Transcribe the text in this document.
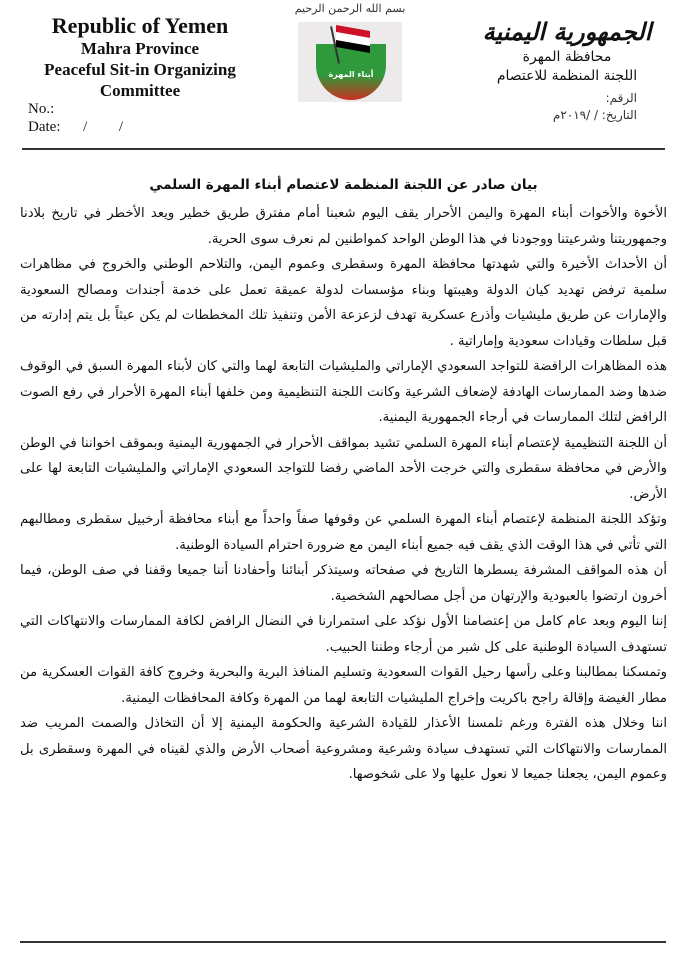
Republic of Yemen
Mahra Province
Peaceful Sit-in Organizing
Committee
No.:
Date: / /
بسم الله الرحمن الرحيم
أبناء المهرة
الجمهورية اليمنية
محافظة المهرة
اللجنة المنظمة للاعتصام
الرقم:
التاريخ: / /٢٠١٩م
بيان صادر عن اللجنة المنظمة لاعتصام أبناء المهرة السلمي

الأخوة والأخوات أبناء المهرة واليمن الأحرار يقف اليوم شعبنا أمام مفترق طريق خطير ويعد الأخطر في تاريخ بلادنا وجمهوريتنا وشرعيتنا ووجودنا في هذا الوطن الواحد كمواطنين لم نعرف سوى الحرية.

أن الأحداث الأخيرة والتي شهدتها محافظة المهرة وسقطرى وعموم اليمن، والتلاحم الوطني والخروج في مظاهرات سلمية ترفض تهديد كيان الدولة وهيبتها وبناء مؤسسات لدولة عميقة تعمل على خدمة أجندات ومصالح السعودية والإمارات عن طريق مليشيات وأذرع عسكرية تهدف لزعزعة الأمن وتنفيذ تلك المخططات لم يكن عبثاً بل يتم إدارته من قبل سلطات وقيادات سعودية وإماراتية .

هذه المظاهرات الرافضة للتواجد السعودي الإماراتي والمليشيات التابعة لهما والتي كان لأبناء المهرة السبق في الوقوف ضدها وضد الممارسات الهادفة لإضعاف الشرعية وكانت اللجنة التنظيمية ومن خلفها أبناء المهرة الأحرار في رفع الصوت الرافض لتلك الممارسات في أرجاء الجمهورية اليمنية.

أن اللجنة التنظيمية لإعتصام أبناء المهرة السلمي تشيد بمواقف الأحرار في الجمهورية اليمنية وبموقف اخواننا في الوطن والأرض في محافظة سقطرى والتي خرجت الأحد الماضي رفضا للتواجد السعودي الإماراتي والمليشيات التابعة لها على الأرض.

وتؤكد اللجنة المنظمة لإعتصام أبناء المهرة السلمي عن وقوفها صفاً واحداً مع أبناء محافظة أرخبيل سقطرى ومطالبهم التي تأتي في هذا الوقت الذي يقف فيه جميع أبناء اليمن مع ضرورة احترام السيادة الوطنية.

أن هذه المواقف المشرفة يسطرها التاريخ في صفحاته وسيتذكر أبنائنا وأحفادنا أننا جميعا وقفنا في صف الوطن، فيما أخرون ارتضوا بالعبودية والإرتهان من أجل مصالحهم الشخصية.

إننا اليوم وبعد عام كامل من إعتصامنا الأول نؤكد على استمرارنا في النضال الرافض لكافة الممارسات والانتهاكات التي تستهدف السيادة الوطنية على كل شبر من أرجاء وطننا الحبيب.

وتمسكنا بمطالبنا وعلى رأسها رحيل القوات السعودية وتسليم المنافذ البرية والبحرية وخروج كافة القوات العسكرية من مطار الغيضة وإقالة راجح باكريت وإخراج المليشيات التابعة لهما من المهرة وكافة المحافظات اليمنية.

اننا وخلال هذه الفترة ورغم تلمسنا الأعذار للقيادة الشرعية والحكومة اليمنية إلا أن التخاذل والصمت المريب ضد الممارسات والانتهاكات التي تستهدف سيادة وشرعية ومشروعية أصحاب الأرض والذي لقيناه في المهرة وسقطرى بل وعموم اليمن، يجعلنا جميعا لا نعول عليها ولا على شخوصها.
